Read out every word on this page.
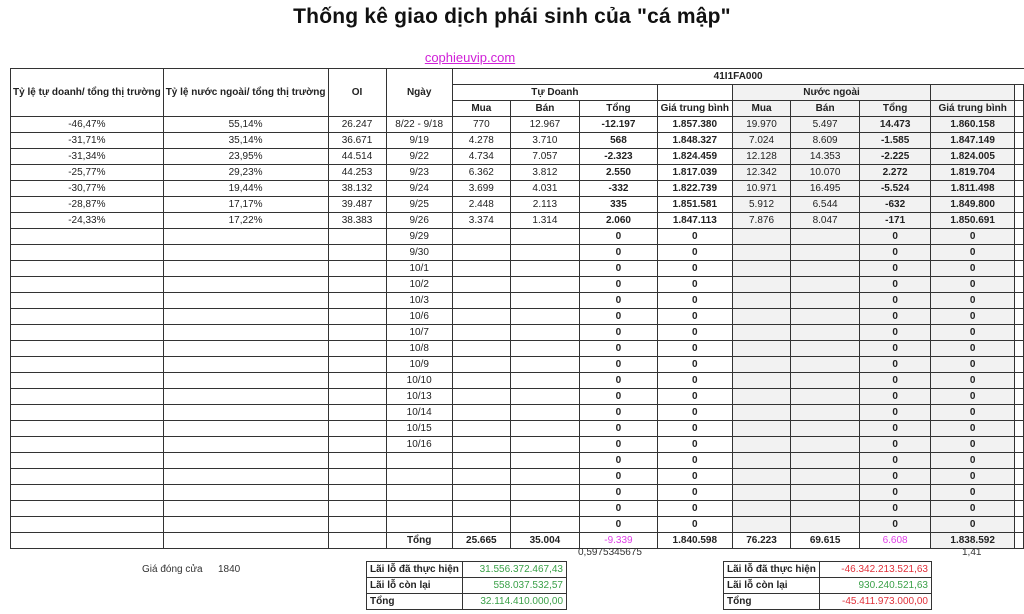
Thống kê giao dịch phái sinh của "cá mập"
cophieuvip.com
Tỷ lệ tự doanh/ tổng thị trường	Tỷ lệ nước ngoài/ tổng thị trường	OI	Ngày	41I1FA000								
				Tự Doanh				Nước ngoài				
				Mua	Bán	Tổng	Giá trung bình	Mua	Bán	Tổng	Giá trung bình	
-46,47%	55,14%	26.247	8/22 - 9/18	770	12.967	-12.197	1.857.380	19.970	5.497	14.473	1.860.158	
-31,71%	35,14%	36.671	9/19	4.278	3.710	568	1.848.327	7.024	8.609	-1.585	1.847.149	
-31,34%	23,95%	44.514	9/22	4.734	7.057	-2.323	1.824.459	12.128	14.353	-2.225	1.824.005	
-25,77%	29,23%	44.253	9/23	6.362	3.812	2.550	1.817.039	12.342	10.070	2.272	1.819.704	
-30,77%	19,44%	38.132	9/24	3.699	4.031	-332	1.822.739	10.971	16.495	-5.524	1.811.498	
-28,87%	17,17%	39.487	9/25	2.448	2.113	335	1.851.581	5.912	6.544	-632	1.849.800	
-24,33%	17,22%	38.383	9/26	3.374	1.314	2.060	1.847.113	7.876	8.047	-171	1.850.691	
			9/29			0	0			0	0	
			9/30			0	0			0	0	
			10/1			0	0			0	0	
			10/2			0	0			0	0	
			10/3			0	0			0	0	
			10/6			0	0			0	0	
			10/7			0	0			0	0	
			10/8			0	0			0	0	
			10/9			0	0			0	0	
			10/10			0	0			0	0	
			10/13			0	0			0	0	
			10/14			0	0			0	0	
			10/15			0	0			0	0	
			10/16			0	0			0	0	
						0	0			0	0	
						0	0			0	0	
						0	0			0	0	
						0	0			0	0	
						0	0			0	0	
			Tổng	25.665	35.004	-9.339	1.840.598	76.223	69.615	6.608	1.838.592	
0,5975345675	1,41
Giá đóng cửa 1840	Lãi lỗ đã thực hiện	31.556.372.467,43
Lãi lỗ còn lại	558.037.532,57
Tổng	32.114.410.000,00
Lãi lỗ đã thực hiện	-46.342.213.521,63
Lãi lỗ còn lại	930.240.521,63
Tổng	-45.411.973.000,00
